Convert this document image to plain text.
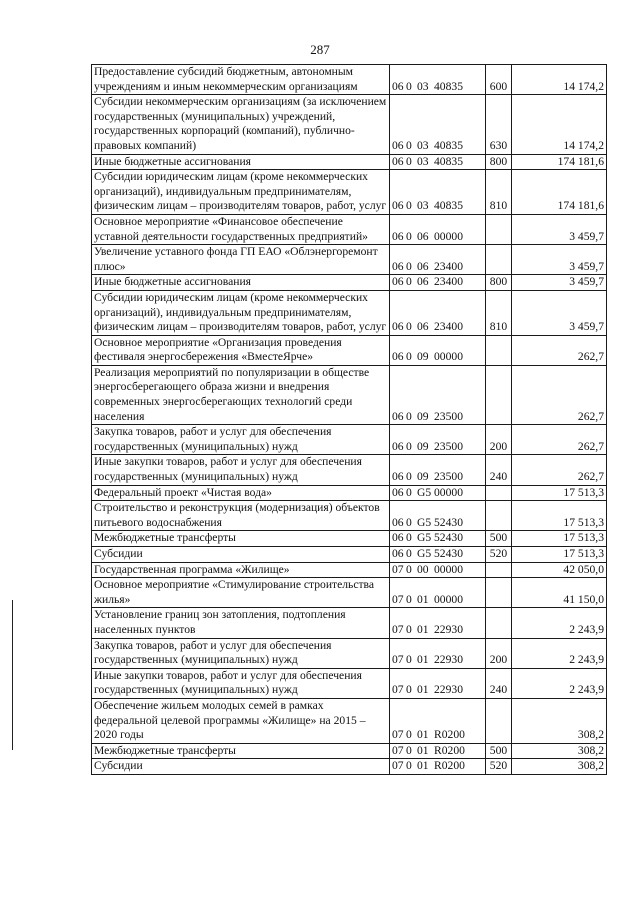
287
Предоставление субсидий бюджетным, автономным учреждениям и иным некоммерческим организациям	06 0 03 40835	600	14 174,2
Субсидии некоммерческим организациям (за исключением государственных (муниципальных) учреждений, государственных корпораций (компаний), публично-правовых компаний)	06 0 03 40835	630	14 174,2
Иные бюджетные ассигнования	06 0 03 40835	800	174 181,6
Субсидии юридическим лицам (кроме некоммерческих организаций), индивидуальным предпринимателям, физическим лицам – производителям товаров, работ, услуг	06 0 03 40835	810	174 181,6
Основное мероприятие «Финансовое обеспечение уставной деятельности государственных предприятий»	06 0 06 00000		3 459,7
Увеличение уставного фонда ГП ЕАО «Облэнергоремонт плюс»	06 0 06 23400		3 459,7
Иные бюджетные ассигнования	06 0 06 23400	800	3 459,7
Субсидии юридическим лицам (кроме некоммерческих организаций), индивидуальным предпринимателям, физическим лицам – производителям товаров, работ, услуг	06 0 06 23400	810	3 459,7
Основное мероприятие «Организация проведения фестиваля энергосбережения «ВместеЯрче»	06 0 09 00000		262,7
Реализация мероприятий по популяризации в обществе энергосберегающего образа жизни и внедрения современных энергосберегающих технологий среди населения	06 0 09 23500		262,7
Закупка товаров, работ и услуг для обеспечения государственных (муниципальных) нужд	06 0 09 23500	200	262,7
Иные закупки товаров, работ и услуг для обеспечения государственных (муниципальных) нужд	06 0 09 23500	240	262,7
Федеральный проект «Чистая вода»	06 0 G5 00000		17 513,3
Строительство и реконструкция (модернизация) объектов питьевого водоснабжения	06 0 G5 52430		17 513,3
Межбюджетные трансферты	06 0 G5 52430	500	17 513,3
Субсидии	06 0 G5 52430	520	17 513,3
Государственная программа «Жилище»	07 0 00 00000		42 050,0
Основное мероприятие «Стимулирование строительства жилья»	07 0 01 00000		41 150,0
Установление границ зон затопления, подтопления населенных пунктов	07 0 01 22930		2 243,9
Закупка товаров, работ и услуг для обеспечения государственных (муниципальных) нужд	07 0 01 22930	200	2 243,9
Иные закупки товаров, работ и услуг для обеспечения государственных (муниципальных) нужд	07 0 01 22930	240	2 243,9
Обеспечение жильем молодых семей в рамках федеральной целевой программы «Жилище» на 2015 – 2020 годы	07 0 01 R0200		308,2
Межбюджетные трансферты	07 0 01 R0200	500	308,2
Субсидии	07 0 01 R0200	520	308,2
